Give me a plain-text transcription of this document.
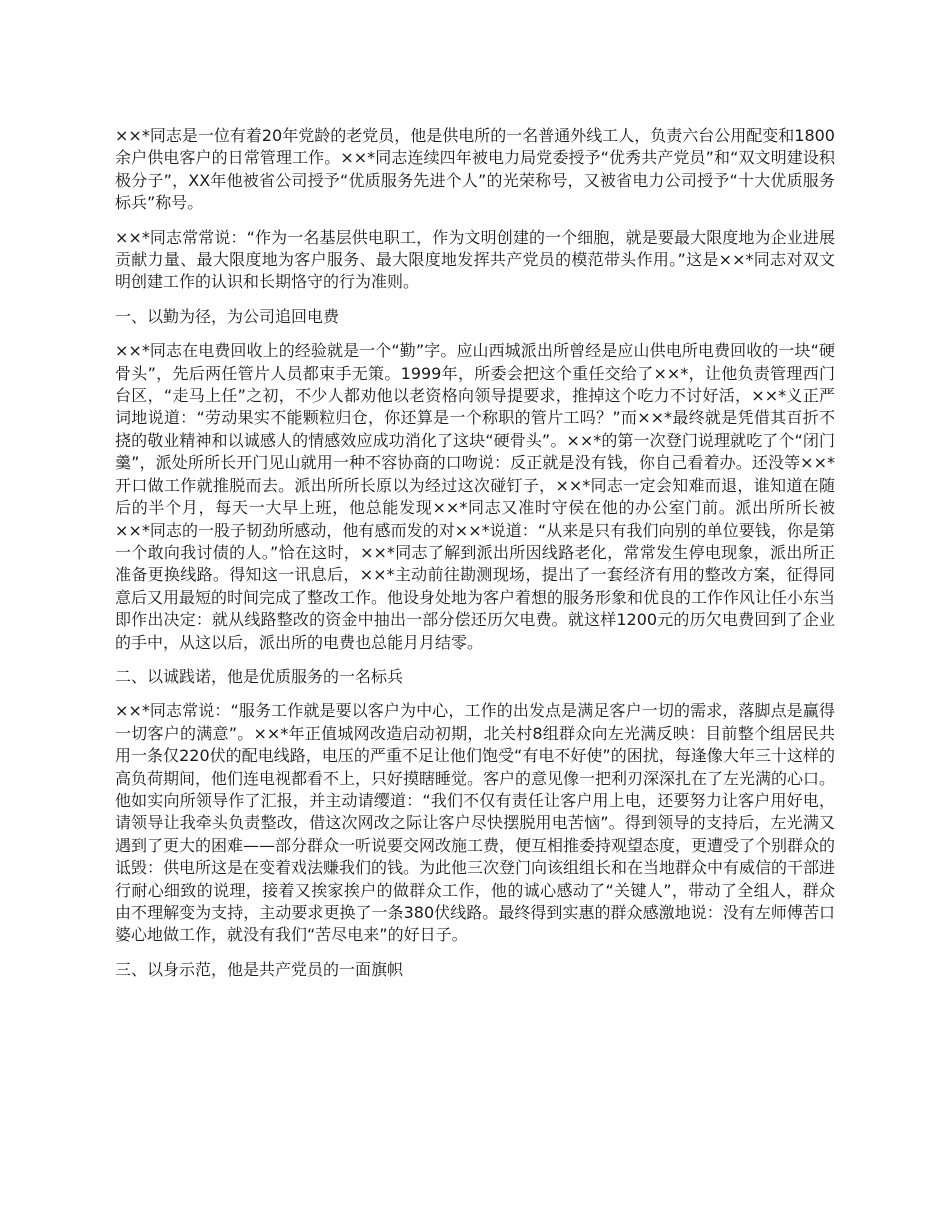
××*同志是一位有着20年党龄的老党员，他是供电所的一名普通外线工人，负责六台公用配变和1800余户供电客户的日常管理工作。××*同志连续四年被电力局党委授予“优秀共产党员”和“双文明建设积极分子”，XX年他被省公司授予“优质服务先进个人”的光荣称号，又被省电力公司授予“十大优质服务标兵”称号。

××*同志常常说：“作为一名基层供电职工，作为文明创建的一个细胞，就是要最大限度地为企业进展贡献力量、最大限度地为客户服务、最大限度地发挥共产党员的模范带头作用。”这是××*同志对双文明创建工作的认识和长期恪守的行为准则。

一、以勤为径，为公司追回电费

××*同志在电费回收上的经验就是一个“勤”字。应山西城派出所曾经是应山供电所电费回收的一块“硬骨头”，先后两任管片人员都束手无策。1999年，所委会把这个重任交给了××*，让他负责管理西门台区，“走马上任”之初，不少人都劝他以老资格向领导提要求，推掉这个吃力不讨好活，××*义正严词地说道：“劳动果实不能颗粒归仓，你还算是一个称职的管片工吗？”而××*最终就是凭借其百折不挠的敬业精神和以诚感人的情感效应成功消化了这块“硬骨头”。××*的第一次登门说理就吃了个“闭门羹”，派处所所长开门见山就用一种不容协商的口吻说：反正就是没有钱，你自己看着办。还没等××*开口做工作就推脱而去。派出所所长原以为经过这次碰钉子，××*同志一定会知难而退，谁知道在随后的半个月，每天一大早上班，他总能发现××*同志又准时守侯在他的办公室门前。派出所所长被××*同志的一股子韧劲所感动，他有感而发的对××*说道：“从来是只有我们向别的单位要钱，你是第一个敢向我讨债的人。”恰在这时，××*同志了解到派出所因线路老化，常常发生停电现象，派出所正准备更换线路。得知这一讯息后，××*主动前往勘测现场，提出了一套经济有用的整改方案，征得同意后又用最短的时间完成了整改工作。他设身处地为客户着想的服务形象和优良的工作作风让任小东当即作出决定：就从线路整改的资金中抽出一部分偿还历欠电费。就这样1200元的历欠电费回到了企业的手中，从这以后，派出所的电费也总能月月结零。

二、以诚践诺，他是优质服务的一名标兵

××*同志常说：“服务工作就是要以客户为中心，工作的出发点是满足客户一切的需求，落脚点是赢得一切客户的满意”。××*年正值城网改造启动初期，北关村8组群众向左光满反映：目前整个组居民共用一条仅220伏的配电线路，电压的严重不足让他们饱受“有电不好使”的困扰，每逢像大年三十这样的高负荷期间，他们连电视都看不上，只好摸瞎睡觉。客户的意见像一把利刃深深扎在了左光满的心口。他如实向所领导作了汇报，并主动请缨道：“我们不仅有责任让客户用上电，还要努力让客户用好电，请领导让我牵头负责整改，借这次网改之际让客户尽快摆脱用电苦恼”。得到领导的支持后，左光满又遇到了更大的困难——部分群众一听说要交网改施工费，便互相推委持观望态度，更遭受了个别群众的诋毁：供电所这是在变着戏法赚我们的钱。为此他三次登门向该组组长和在当地群众中有威信的干部进行耐心细致的说理，接着又挨家挨户的做群众工作，他的诚心感动了“关键人”，带动了全组人，群众由不理解变为支持，主动要求更换了一条380伏线路。最终得到实惠的群众感激地说：没有左师傅苦口婆心地做工作，就没有我们“苦尽电来”的好日子。

三、以身示范，他是共产党员的一面旗帜
